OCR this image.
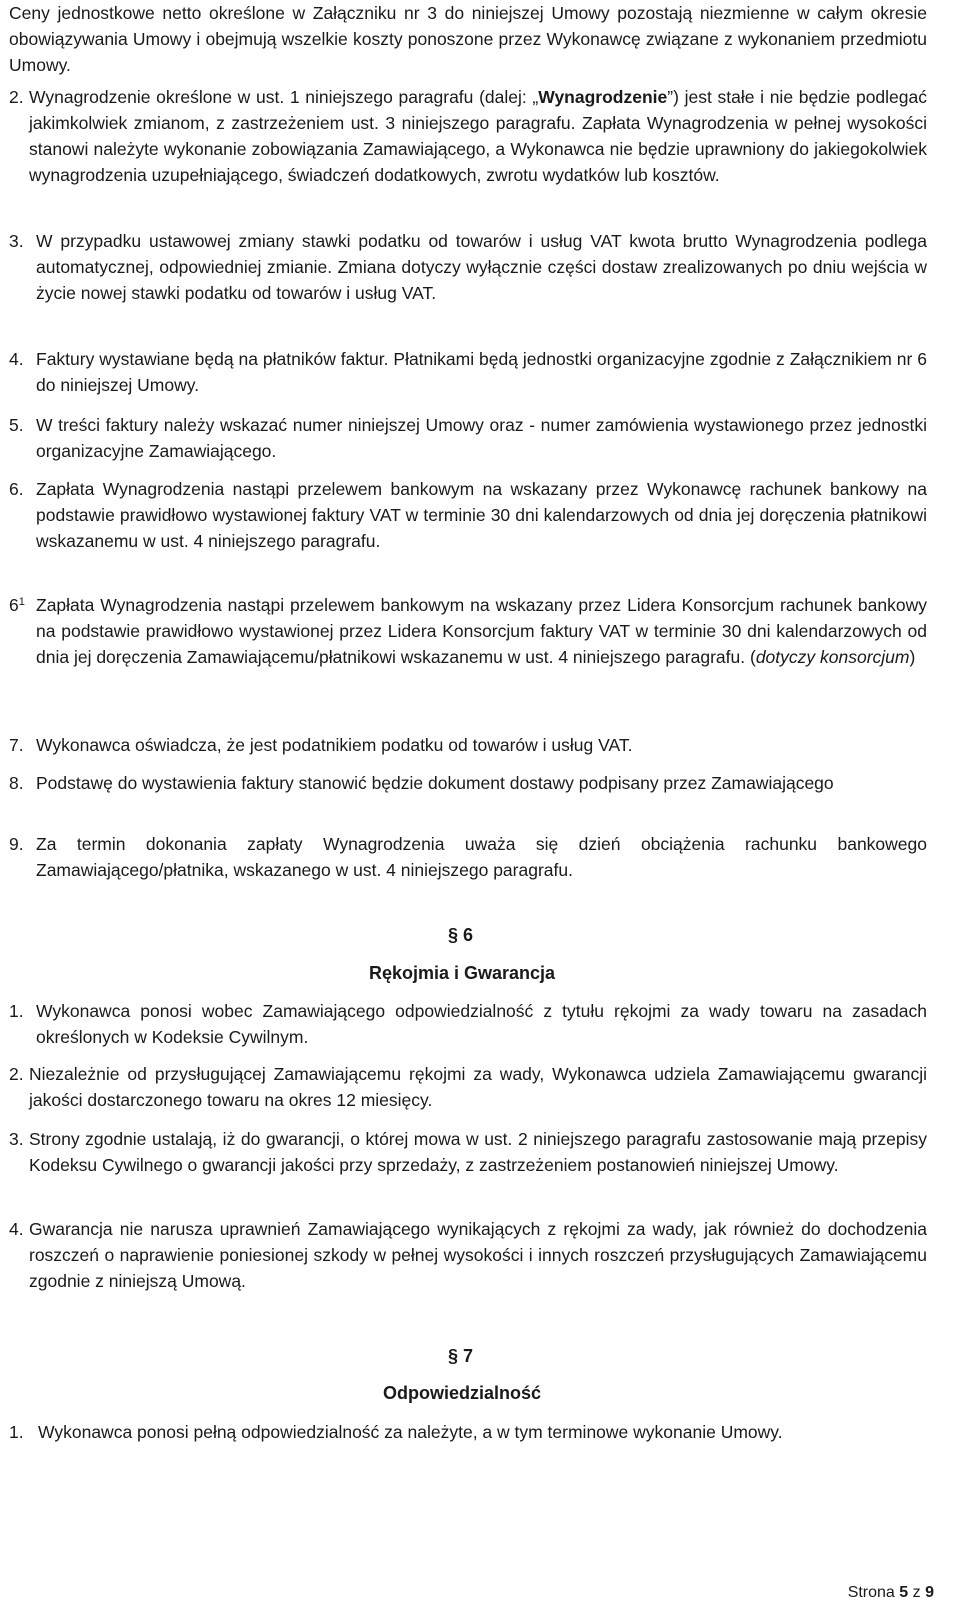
Ceny jednostkowe netto określone w Załączniku nr 3 do niniejszej Umowy pozostają niezmienne w całym okresie obowiązywania Umowy i obejmują wszelkie koszty ponoszone przez Wykonawcę związane z wykonaniem przedmiotu Umowy.
2. Wynagrodzenie określone w ust. 1 niniejszego paragrafu (dalej: „Wynagrodzenie”) jest stałe i nie będzie podlegać jakimkolwiek zmianom, z zastrzeżeniem ust. 3 niniejszego paragrafu. Zapłata Wynagrodzenia w pełnej wysokości stanowi należyte wykonanie zobowiązania Zamawiającego, a Wykonawca nie będzie uprawniony do jakiegokolwiek wynagrodzenia uzupełniającego, świadczeń dodatkowych, zwrotu wydatków lub kosztów.
3. W przypadku ustawowej zmiany stawki podatku od towarów i usług VAT kwota brutto Wynagrodzenia podlega automatycznej, odpowiedniej zmianie. Zmiana dotyczy wyłącznie części dostaw zrealizowanych po dniu wejścia w życie nowej stawki podatku od towarów i usług VAT.
4. Faktury wystawiane będą na płatników faktur. Płatnikami będą jednostki organizacyjne zgodnie z Załącznikiem nr 6 do niniejszej Umowy.
5. W treści faktury należy wskazać numer niniejszej Umowy oraz - numer zamówienia wystawionego przez jednostki organizacyjne Zamawiającego.
6. Zapłata Wynagrodzenia nastąpi przelewem bankowym na wskazany przez Wykonawcę rachunek bankowy na podstawie prawidłowo wystawionej faktury VAT w terminie 30 dni kalendarzowych od dnia jej doręczenia płatnikowi wskazanemu w ust. 4 niniejszego paragrafu.
$6^1$ Zapłata Wynagrodzenia nastąpi przelewem bankowym na wskazany przez Lidera Konsorcjum rachunek bankowy na podstawie prawidłowo wystawionej przez Lidera Konsorcjum faktury VAT w terminie 30 dni kalendarzowych od dnia jej doręczenia Zamawiającemu/płatnikowi wskazanemu w ust. 4 niniejszego paragrafu. (dotyczy konsorcjum)
7. Wykonawca oświadcza, że jest podatnikiem podatku od towarów i usług VAT.
8. Podstawę do wystawienia faktury stanowić będzie dokument dostawy podpisany przez Zamawiającego
9. Za termin dokonania zapłaty Wynagrodzenia uważa się dzień obciążenia rachunku bankowego Zamawiającego/płatnika, wskazanego w ust. 4 niniejszego paragrafu.
§ 6
Rękojmia i Gwarancja
1. Wykonawca ponosi wobec Zamawiającego odpowiedzialność z tytułu rękojmi za wady towaru na zasadach określonych w Kodeksie Cywilnym.
2. Niezależnie od przysługującej Zamawiającemu rękojmi za wady, Wykonawca udziela Zamawiającemu gwarancji jakości dostarczonego towaru na okres 12 miesięcy.
3. Strony zgodnie ustalają, iż do gwarancji, o której mowa w ust. 2 niniejszego paragrafu zastosowanie mają przepisy Kodeksu Cywilnego o gwarancji jakości przy sprzedaży, z zastrzeżeniem postanowień niniejszej Umowy.
4. Gwarancja nie narusza uprawnień Zamawiającego wynikających z rękojmi za wady, jak również do dochodzenia roszczeń o naprawienie poniesionej szkody w pełnej wysokości i innych roszczeń przysługujących Zamawiającemu zgodnie z niniejszą Umową.
§ 7
Odpowiedzialność
1. Wykonawca ponosi pełną odpowiedzialność za należyte, a w tym terminowe wykonanie Umowy.
Strona 5 z 9
